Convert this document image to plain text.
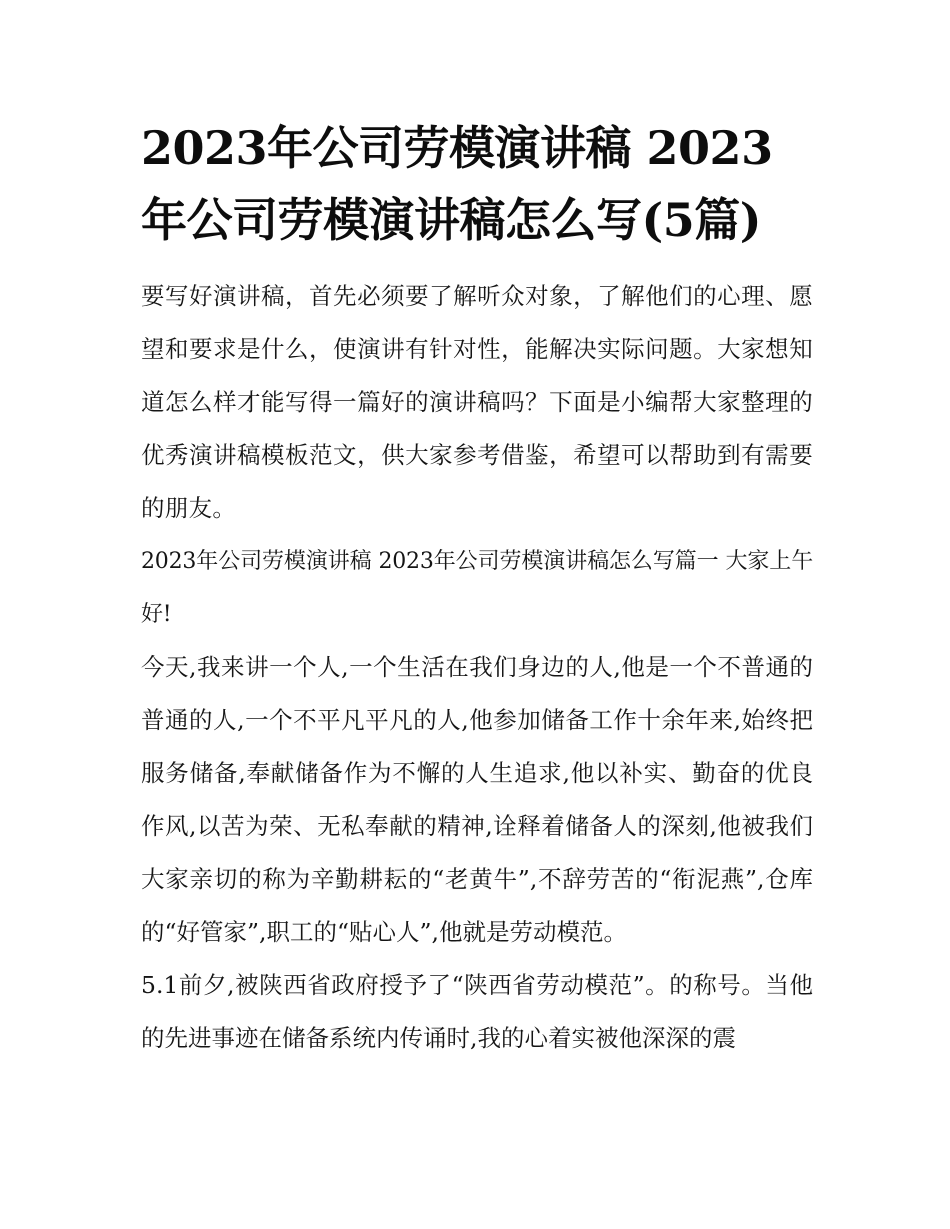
2023年公司劳模演讲稿 2023年公司劳模演讲稿怎么写(5篇)

要写好演讲稿，首先必须要了解听众对象，了解他们的心理、愿望和要求是什么，使演讲有针对性，能解决实际问题。大家想知道怎么样才能写得一篇好的演讲稿吗？下面是小编帮大家整理的优秀演讲稿模板范文，供大家参考借鉴，希望可以帮助到有需要的朋友。

2023年公司劳模演讲稿 2023年公司劳模演讲稿怎么写篇一 大家上午好!

今天,我来讲一个人,一个生活在我们身边的人,他是一个不普通的普通的人,一个不平凡平凡的人,他参加储备工作十余年来,始终把服务储备,奉献储备作为不懈的人生追求,他以补实、勤奋的优良作风,以苦为荣、无私奉献的精神,诠释着储备人的深刻,他被我们大家亲切的称为辛勤耕耘的“老黄牛”,不辞劳苦的“衔泥燕”,仓库的“好管家”,职工的“贴心人”,他就是劳动模范。

5.1前夕,被陕西省政府授予了“陕西省劳动模范”。的称号。当他的先进事迹在储备系统内传诵时,我的心着实被他深深的震
